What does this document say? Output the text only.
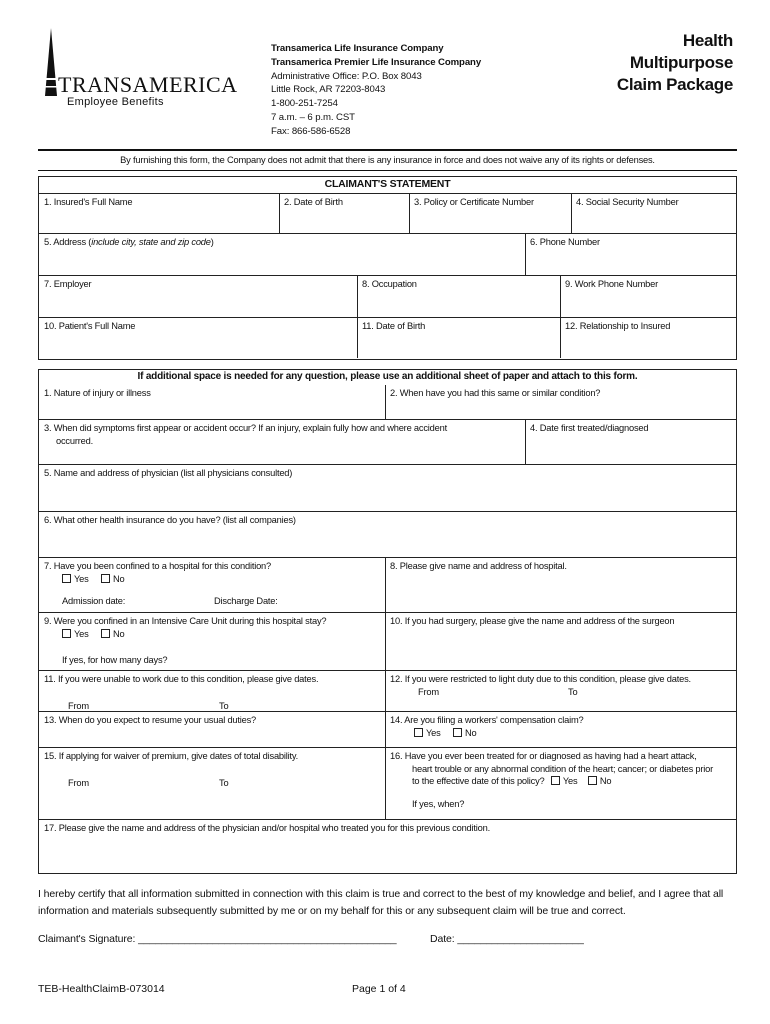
TRANSAMERICA
Employee Benefits
Transamerica Life Insurance Company
Transamerica Premier Life Insurance Company
Administrative Office: P.O. Box 8043
Little Rock, AR 72203-8043
1-800-251-7254
7 a.m. – 6 p.m. CST
Fax: 866-586-6528
Health
Multipurpose
Claim Package
By furnishing this form, the Company does not admit that there is any insurance in force and does not waive any of its rights or defenses.
CLAIMANT'S STATEMENT
1. Insured's Full Name	2. Date of Birth	3. Policy or Certificate Number	4. Social Security Number
5. Address (include city, state and zip code)	6. Phone Number
7. Employer	8. Occupation	9. Work Phone Number
10. Patient's Full Name	11. Date of Birth	12. Relationship to Insured
If additional space is needed for any question, please use an additional sheet of paper and attach to this form.
1. Nature of injury or illness	2. When have you had this same or similar condition?
3. When did symptoms first appear or accident occur? If an injury, explain fully how and where accident
occurred.
4. Date first treated/diagnosed
5. Name and address of physician (list all physicians consulted)
6. What other health insurance do you have? (list all companies)
7. Have you been confined to a hospital for this condition?
Yes	No
Admission date:	Discharge Date:
8. Please give name and address of hospital.
9. Were you confined in an Intensive Care Unit during this hospital stay?
Yes	No
If yes, for how many days?
10. If you had surgery, please give the name and address of the surgeon
11. If you were unable to work due to this condition, please give dates.
From	To
12. If you were restricted to light duty due to this condition, please give dates.
From	To
13. When do you expect to resume your usual duties?	14. Are you filing a workers' compensation claim?
Yes	No
15. If applying for waiver of premium, give dates of total disability.
From	To
16. Have you ever been treated for or diagnosed as having had a heart attack,
heart trouble or any abnormal condition of the heart; cancer; or diabetes prior
to the effective date of this policy? Yes No
If yes, when?
17. Please give the name and address of the physician and/or hospital who treated you for this previous condition.
I hereby certify that all information submitted in connection with this claim is true and correct to the best of my knowledge and belief, and I agree that all
information and materials subsequently submitted by me or on my behalf for this or any subsequent claim will be true and correct.
Claimant's Signature: _____________________________________________	Date: ______________________
TEB-HealthClaimB-073014	Page 1 of 4
